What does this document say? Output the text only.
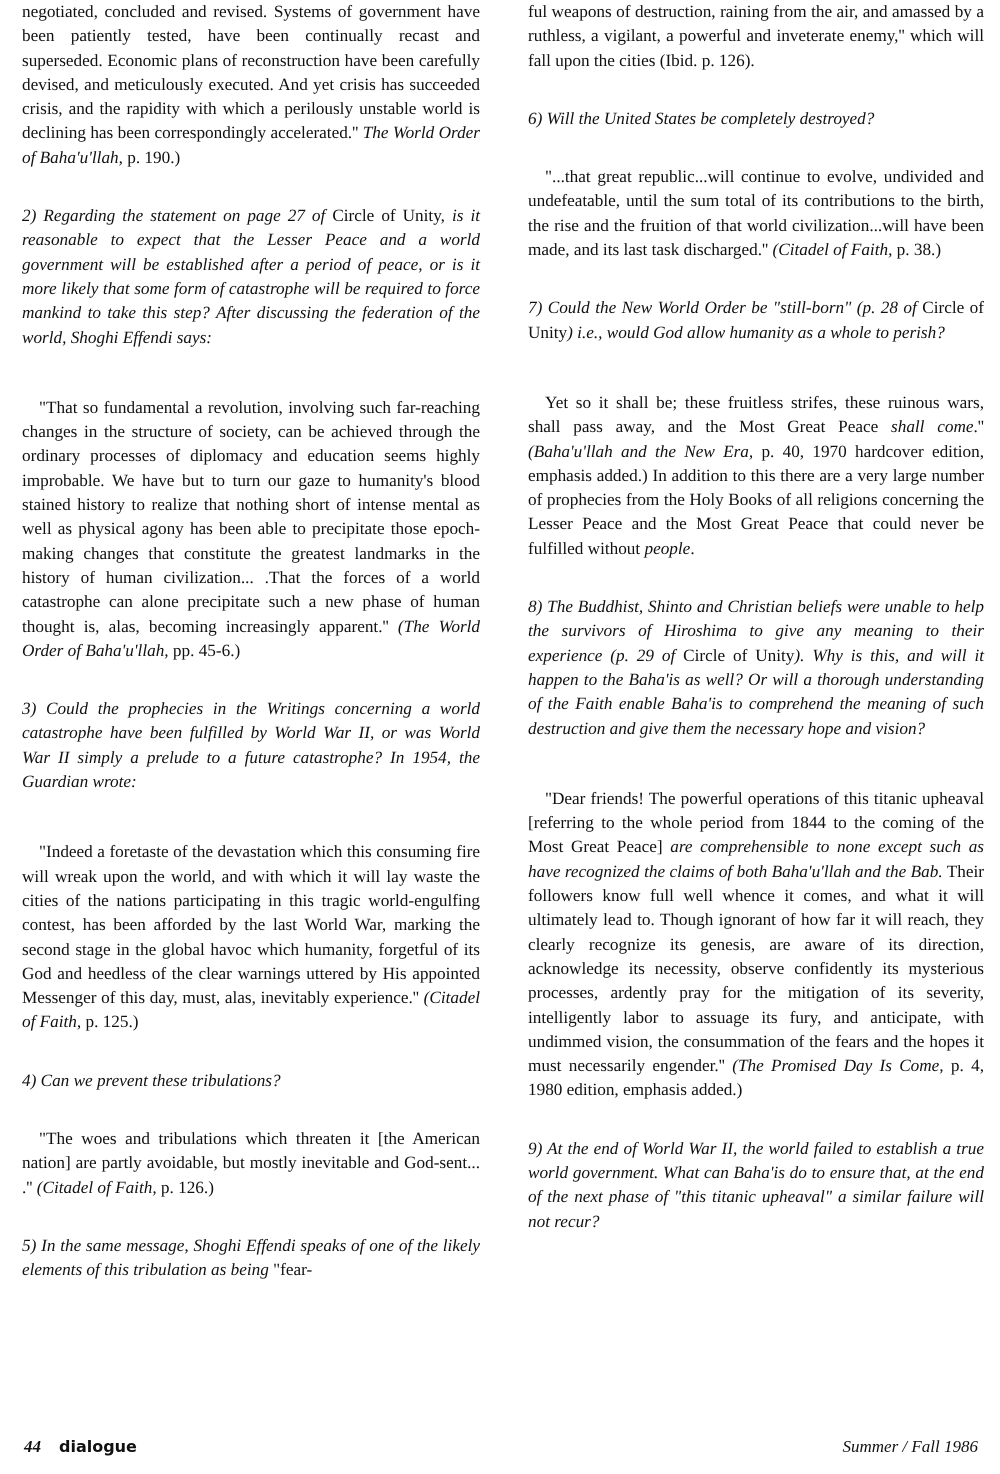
negotiated, concluded and revised. Systems of government have been patiently tested, have been continually recast and superseded. Economic plans of reconstruction have been carefully devised, and meticulously executed. And yet crisis has succeeded crisis, and the rapidity with which a perilously unstable world is declining has been correspondingly accelerated.'' The World Order of Baha'u'llah, p. 190.)

2) Regarding the statement on page 27 of Circle of Unity, is it reasonable to expect that the Lesser Peace and a world government will be established after a period of peace, or is it more likely that some form of catastrophe will be required to force mankind to take this step? After discussing the federation of the world, Shoghi Effendi says:

"That so fundamental a revolution, involving such far-reaching changes in the structure of society, can be achieved through the ordinary processes of diplomacy and education seems highly improbable. We have but to turn our gaze to humanity's blood stained history to realize that nothing short of intense mental as well as physical agony has been able to precipitate those epoch-making changes that constitute the greatest landmarks in the history of human civilization... .That the forces of a world catastrophe can alone precipitate such a new phase of human thought is, alas, becoming increasingly apparent.'' (The World Order of Baha'u'llah, pp. 45-6.)

3) Could the prophecies in the Writings concerning a world catastrophe have been fulfilled by World War II, or was World War II simply a prelude to a future catastrophe? In 1954, the Guardian wrote:

"Indeed a foretaste of the devastation which this consuming fire will wreak upon the world, and with which it will lay waste the cities of the nations participating in this tragic world-engulfing contest, has been afforded by the last World War, marking the second stage in the global havoc which humanity, forgetful of its God and heedless of the clear warnings uttered by His appointed Messenger of this day, must, alas, inevitably experience.'' (Citadel of Faith, p. 125.)

4) Can we prevent these tribulations?

"The woes and tribulations which threaten it [the American nation] are partly avoidable, but mostly inevitable and God-sent... .'' (Citadel of Faith, p. 126.)

5) In the same message, Shoghi Effendi speaks of one of the likely elements of this tribulation as being "fear-

ful weapons of destruction, raining from the air, and amassed by a ruthless, a vigilant, a powerful and inveterate enemy,'' which will fall upon the cities (Ibid. p. 126).

6) Will the United States be completely destroyed?

"...that great republic...will continue to evolve, undivided and undefeatable, until the sum total of its contributions to the birth, the rise and the fruition of that world civilization...will have been made, and its last task discharged.'' (Citadel of Faith, p. 38.)

7) Could the New World Order be "still-born" (p. 28 of Circle of Unity) i.e., would God allow humanity as a whole to perish?

Yet so it shall be; these fruitless strifes, these ruinous wars, shall pass away, and the Most Great Peace shall come.'' (Baha'u'llah and the New Era, p. 40, 1970 hardcover edition, emphasis added.) In addition to this there are a very large number of prophecies from the Holy Books of all religions concerning the Lesser Peace and the Most Great Peace that could never be fulfilled without people.

8) The Buddhist, Shinto and Christian beliefs were unable to help the survivors of Hiroshima to give any meaning to their experience (p. 29 of Circle of Unity). Why is this, and will it happen to the Baha'is as well? Or will a thorough understanding of the Faith enable Baha'is to comprehend the meaning of such destruction and give them the necessary hope and vision?

"Dear friends! The powerful operations of this titanic upheaval [referring to the whole period from 1844 to the coming of the Most Great Peace] are comprehensible to none except such as have recognized the claims of both Baha'u'llah and the Bab. Their followers know full well whence it comes, and what it will ultimately lead to. Though ignorant of how far it will reach, they clearly recognize its genesis, are aware of its direction, acknowledge its necessity, observe confidently its mysterious processes, ardently pray for the mitigation of its severity, intelligently labor to assuage its fury, and anticipate, with undimmed vision, the consummation of the fears and the hopes it must necessarily engender.'' (The Promised Day Is Come, p. 4, 1980 edition, emphasis added.)

9) At the end of World War II, the world failed to establish a true world government. What can Baha'is do to ensure that, at the end of the next phase of "this titanic upheaval" a similar failure will not recur?

44 dialogue	Summer / Fall 1986
